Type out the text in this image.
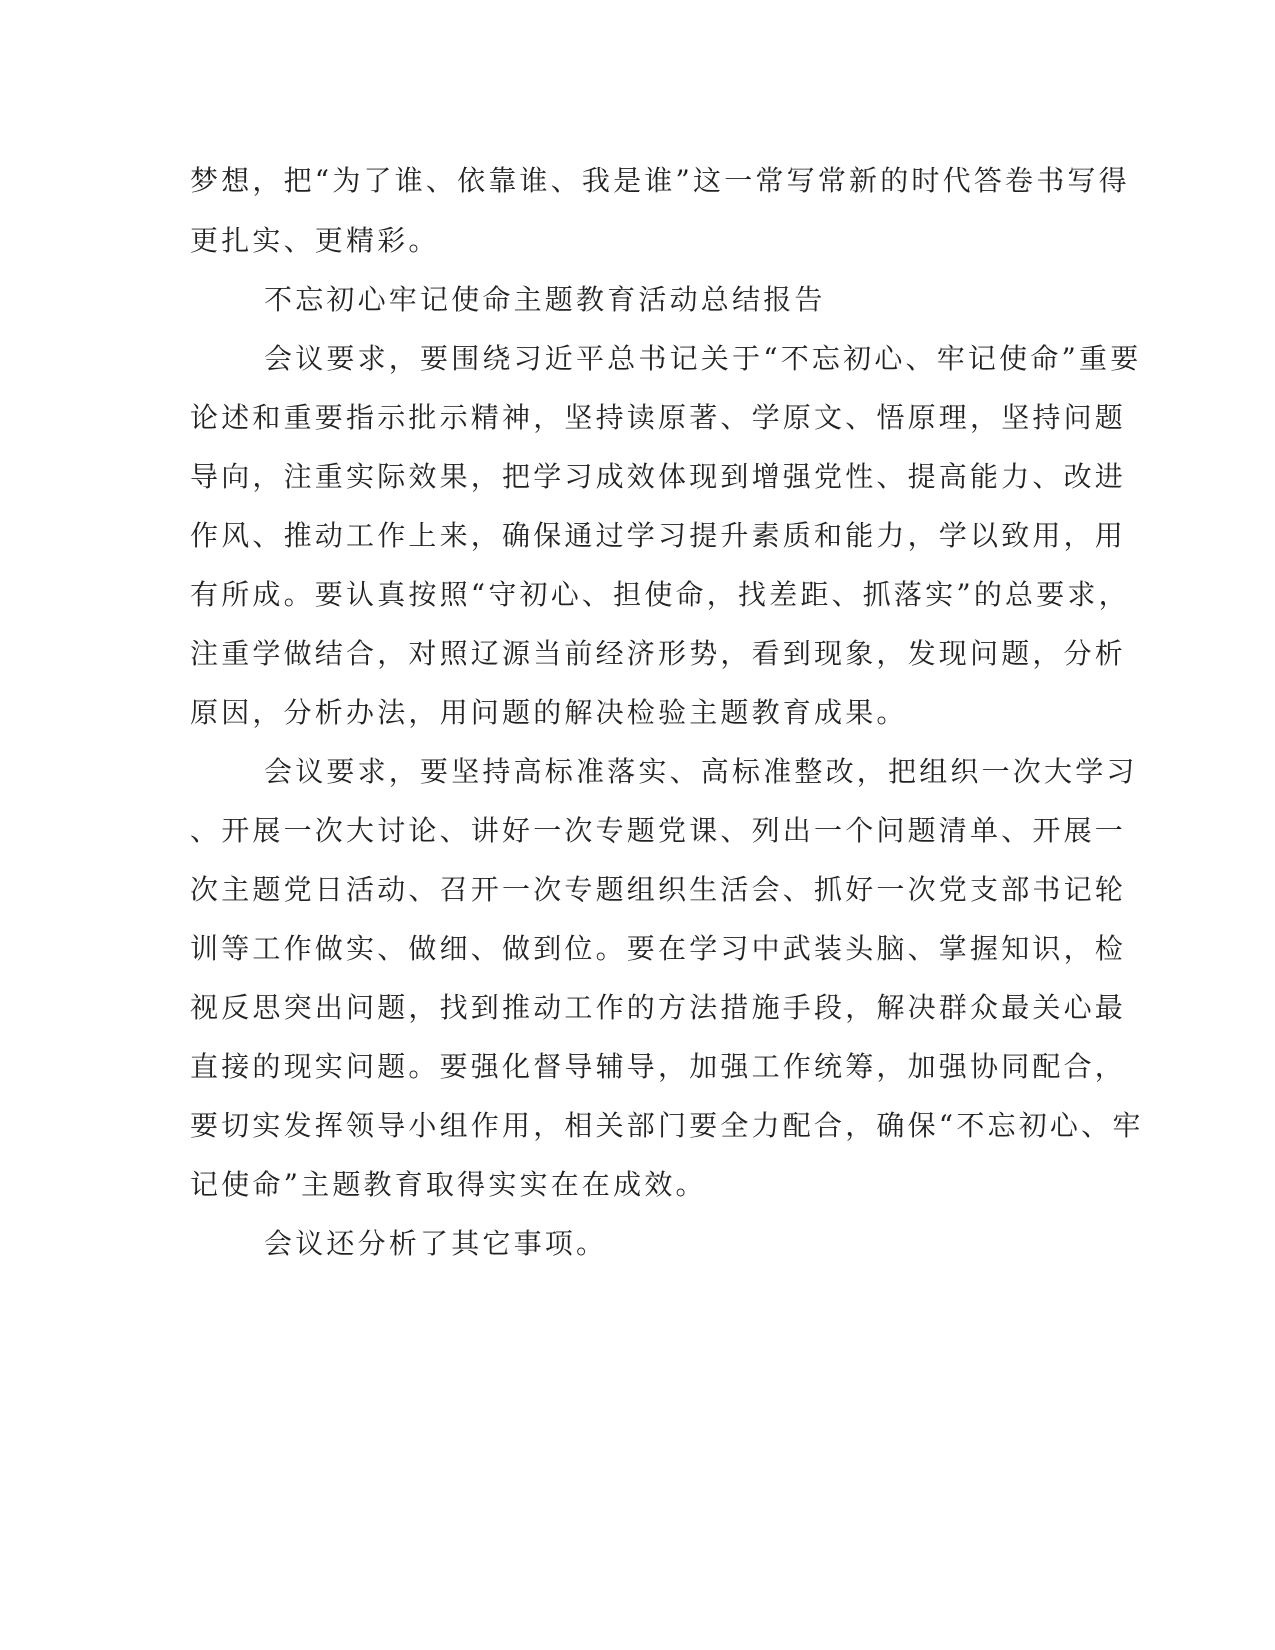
梦想，把“为了谁、依靠谁、我是谁”这一常写常新的时代答卷书写得
更扎实、更精彩。
不忘初心牢记使命主题教育活动总结报告
会议要求，要围绕习近平总书记关于“不忘初心、牢记使命”重要
论述和重要指示批示精神，坚持读原著、学原文、悟原理，坚持问题
导向，注重实际效果，把学习成效体现到增强党性、提高能力、改进
作风、推动工作上来，确保通过学习提升素质和能力，学以致用，用
有所成。要认真按照“守初心、担使命，找差距、抓落实”的总要求，
注重学做结合，对照辽源当前经济形势，看到现象，发现问题，分析
原因，分析办法，用问题的解决检验主题教育成果。
会议要求，要坚持高标准落实、高标准整改，把组织一次大学习
、开展一次大讨论、讲好一次专题党课、列出一个问题清单、开展一
次主题党日活动、召开一次专题组织生活会、抓好一次党支部书记轮
训等工作做实、做细、做到位。要在学习中武装头脑、掌握知识，检
视反思突出问题，找到推动工作的方法措施手段，解决群众最关心最
直接的现实问题。要强化督导辅导，加强工作统筹，加强协同配合，
要切实发挥领导小组作用，相关部门要全力配合，确保“不忘初心、牢
记使命”主题教育取得实实在在成效。
会议还分析了其它事项。
